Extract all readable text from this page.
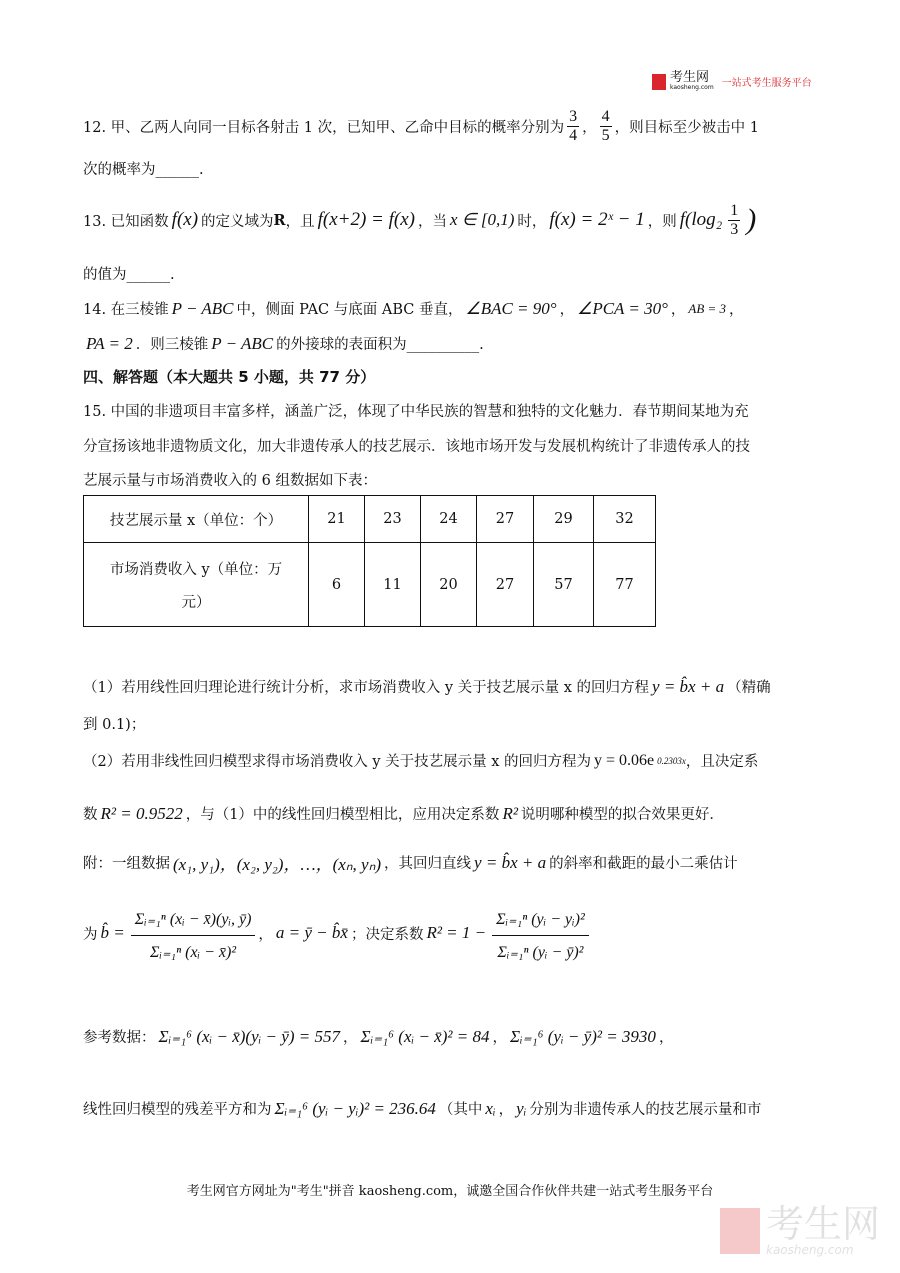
考生网
kaosheng.com 一站式考生服务平台
12. 甲、乙两人向同一目标各射击 1 次，已知甲、乙命中目标的概率分别为 $\frac{3}{4}$ ， $\frac{4}{5}$ ，则目标至少被击中 1
次的概率为______.
13. 已知函数 f(x) 的定义域为 R ，且 f(x+2) = f(x) ，当 x ∈ [0,1) 时， f(x) = 2ˣ − 1 ，则 $f(\log_2 \frac{1}{3}$ )
的值为______.
14. 在三棱锥 P − ABC 中，侧面 PAC 与底面 ABC 垂直， ∠BAC = 90° ， ∠PCA = 30° ， AB = 3 ，
PA = 2 ．则三棱锥 P − ABC 的外接球的表面积为__________.
四、解答题（本大题共 5 小题，共 77 分）
15. 中国的非遗项目丰富多样，涵盖广泛，体现了中华民族的智慧和独特的文化魅力．春节期间某地为充
分宣扬该地非遗物质文化，加大非遗传承人的技艺展示．该地市场开发与发展机构统计了非遗传承人的技
艺展示量与市场消费收入的 6 组数据如下表：
技艺展示量 x（单位：个）	21	23	24	27	29	32

市场消费收入 y（单位：万
元）	6	11	20	27	57	77
（1）若用线性回归理论进行统计分析，求市场消费收入 y 关于技艺展示量 x 的回归方程 y = b̂x + a （精确
到 0.1)；
（2）若用非线性回归模型求得市场消费收入 y 关于技艺展示量 x 的回归方程为 y = 0.06e 0.2303x ，且决定系
数 R² = 0.9522 ，与（1）中的线性回归模型相比，应用决定系数 R² 说明哪种模型的拟合效果更好．
附：一组数据 (x₁, y₁)，(x₂, y₂)，…，(xₙ, yₙ) ，其回归直线 y = b̂x + a 的斜率和截距的最小二乘估计
为 b̂ = $\frac{\text{Σᵢ₌₁ⁿ (xᵢ − x̄)(yᵢ, ȳ)}}{\text{Σᵢ₌₁ⁿ (xᵢ − x̄)²}}$ ， a = ȳ − b̂x̄ ；决定系数 $R^2 = 1 - \frac{\text{Σᵢ₌₁ⁿ (yᵢ − yᵢ)²}}{\text{Σᵢ₌₁ⁿ (yᵢ − ȳ)²}}$
参考数据： Σᵢ₌₁⁶ (xᵢ − x̄)(yᵢ − ȳ) = 557 ， Σᵢ₌₁⁶ (xᵢ − x̄)² = 84 ， Σᵢ₌₁⁶ (yᵢ − ȳ)² = 3930 ，
线性回归模型的残差平方和为 Σᵢ₌₁⁶ (yᵢ − yᵢ)² = 236.64 （其中 xᵢ ， yᵢ 分别为非遗传承人的技艺展示量和市
考生网官方网址为"考生"拼音 kaosheng.com，诚邀全国合作伙伴共建一站式考生服务平台
考生网
kaosheng.com
